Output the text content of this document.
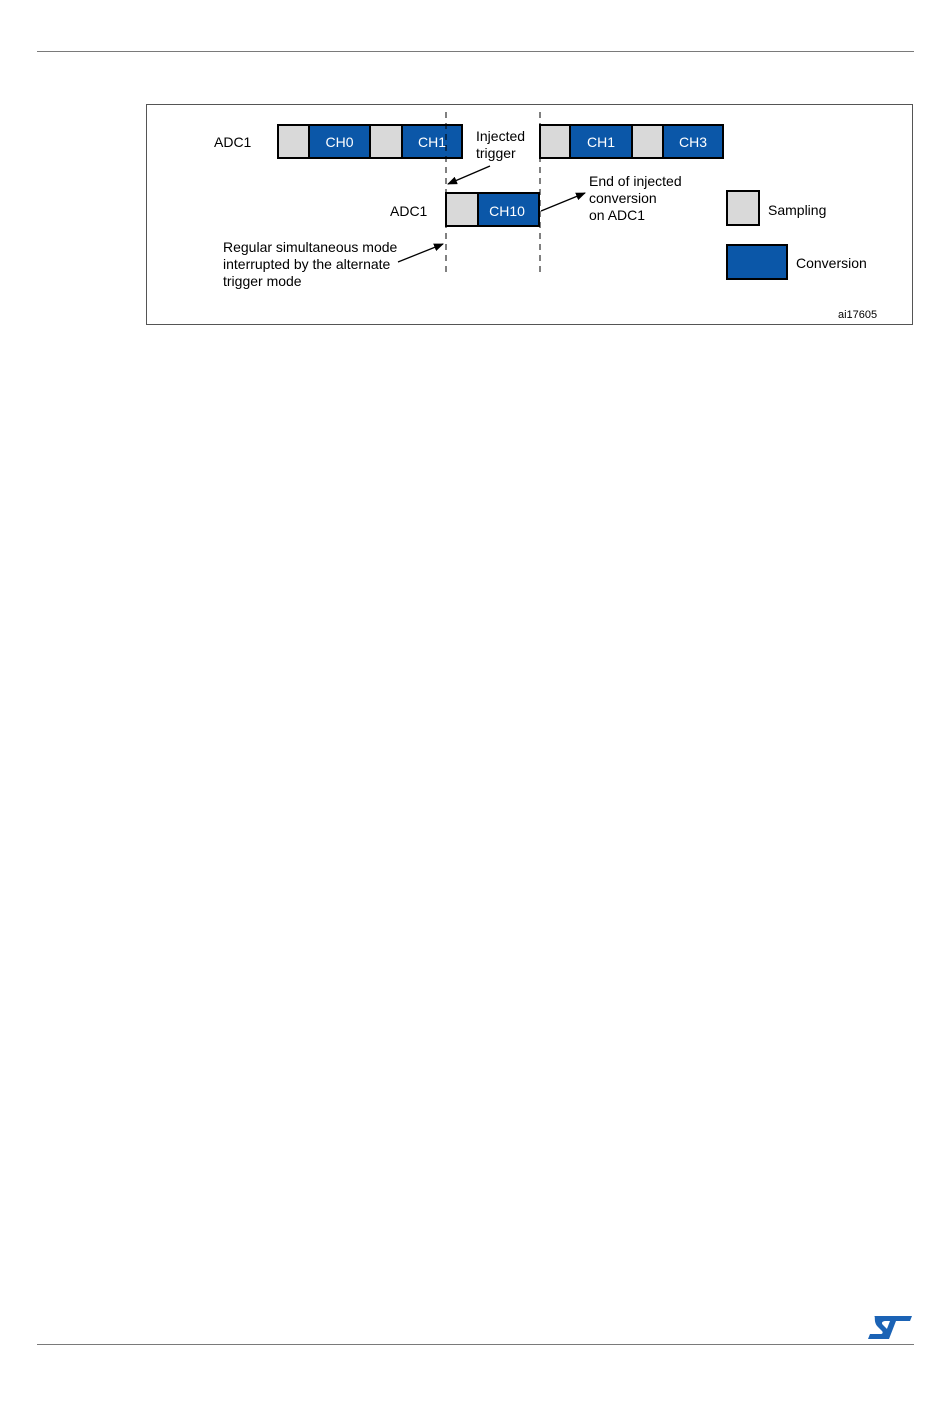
ADC1	CH0	CH1	CH1	CH3
Injected
trigger
ADC1	CH10
End of injected
conversion
on ADC1
Regular simultaneous mode
interrupted by the alternate
trigger mode
Sampling
Conversion
ai17605
